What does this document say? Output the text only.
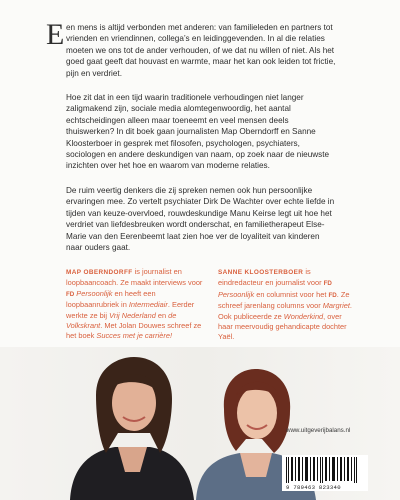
E en mens is altijd verbonden met anderen: van familieleden en partners tot vrienden en vriendinnen, collega’s en leidinggevenden. In al die relaties moeten we ons tot de ander verhouden, of we dat nu willen of niet. Als het goed gaat geeft dat houvast en warmte, maar het kan ook leiden tot frictie, pijn en verdriet.

Hoe zit dat in een tijd waarin traditionele verhoudingen niet langer zaligmakend zijn, sociale media alomtegenwoordig, het aantal echtscheidingen alleen maar toeneemt en veel mensen deels thuiswerken? In dit boek gaan journalisten Map Oberndorff en Sanne Kloosterboer in gesprek met filosofen, psychologen, psychiaters, sociologen en andere deskundigen van naam, op zoek naar de nieuwste inzichten over het hoe en waarom van moderne relaties.

De ruim veertig denkers die zij spreken nemen ook hun persoonlijke ervaringen mee. Zo vertelt psychiater Dirk De Wachter over echte liefde in tijden van keuze-overvloed, rouwdeskundige Manu Keirse legt uit hoe het verdriet van liefdesbreuken wordt onderschat, en familietherapeut Else-Marie van den Eerenbeemt laat zien hoe ver de loyaliteit van kinderen naar ouders gaat.

MAP OBERNDORFF is journalist en loopbaancoach. Ze maakt interviews voor FD Persoonlijk en heeft een loopbaanrubriek in Intermediair. Eerder werkte ze bij Vrij Nederland en de Volkskrant. Met Jolan Douwes schreef ze het boek Succes met je carrière!
SANNE KLOOSTERBOER is eindredacteur en journalist voor FD Persoonlijk en columnist voor het FD. Ze schreef jarenlang columns voor Margriet. Ook publiceerde ze Wonderkind, over haar meervoudig gehandicapte dochter Yaël.
www.uitgeverijbalans.nl
9 789463 823340
